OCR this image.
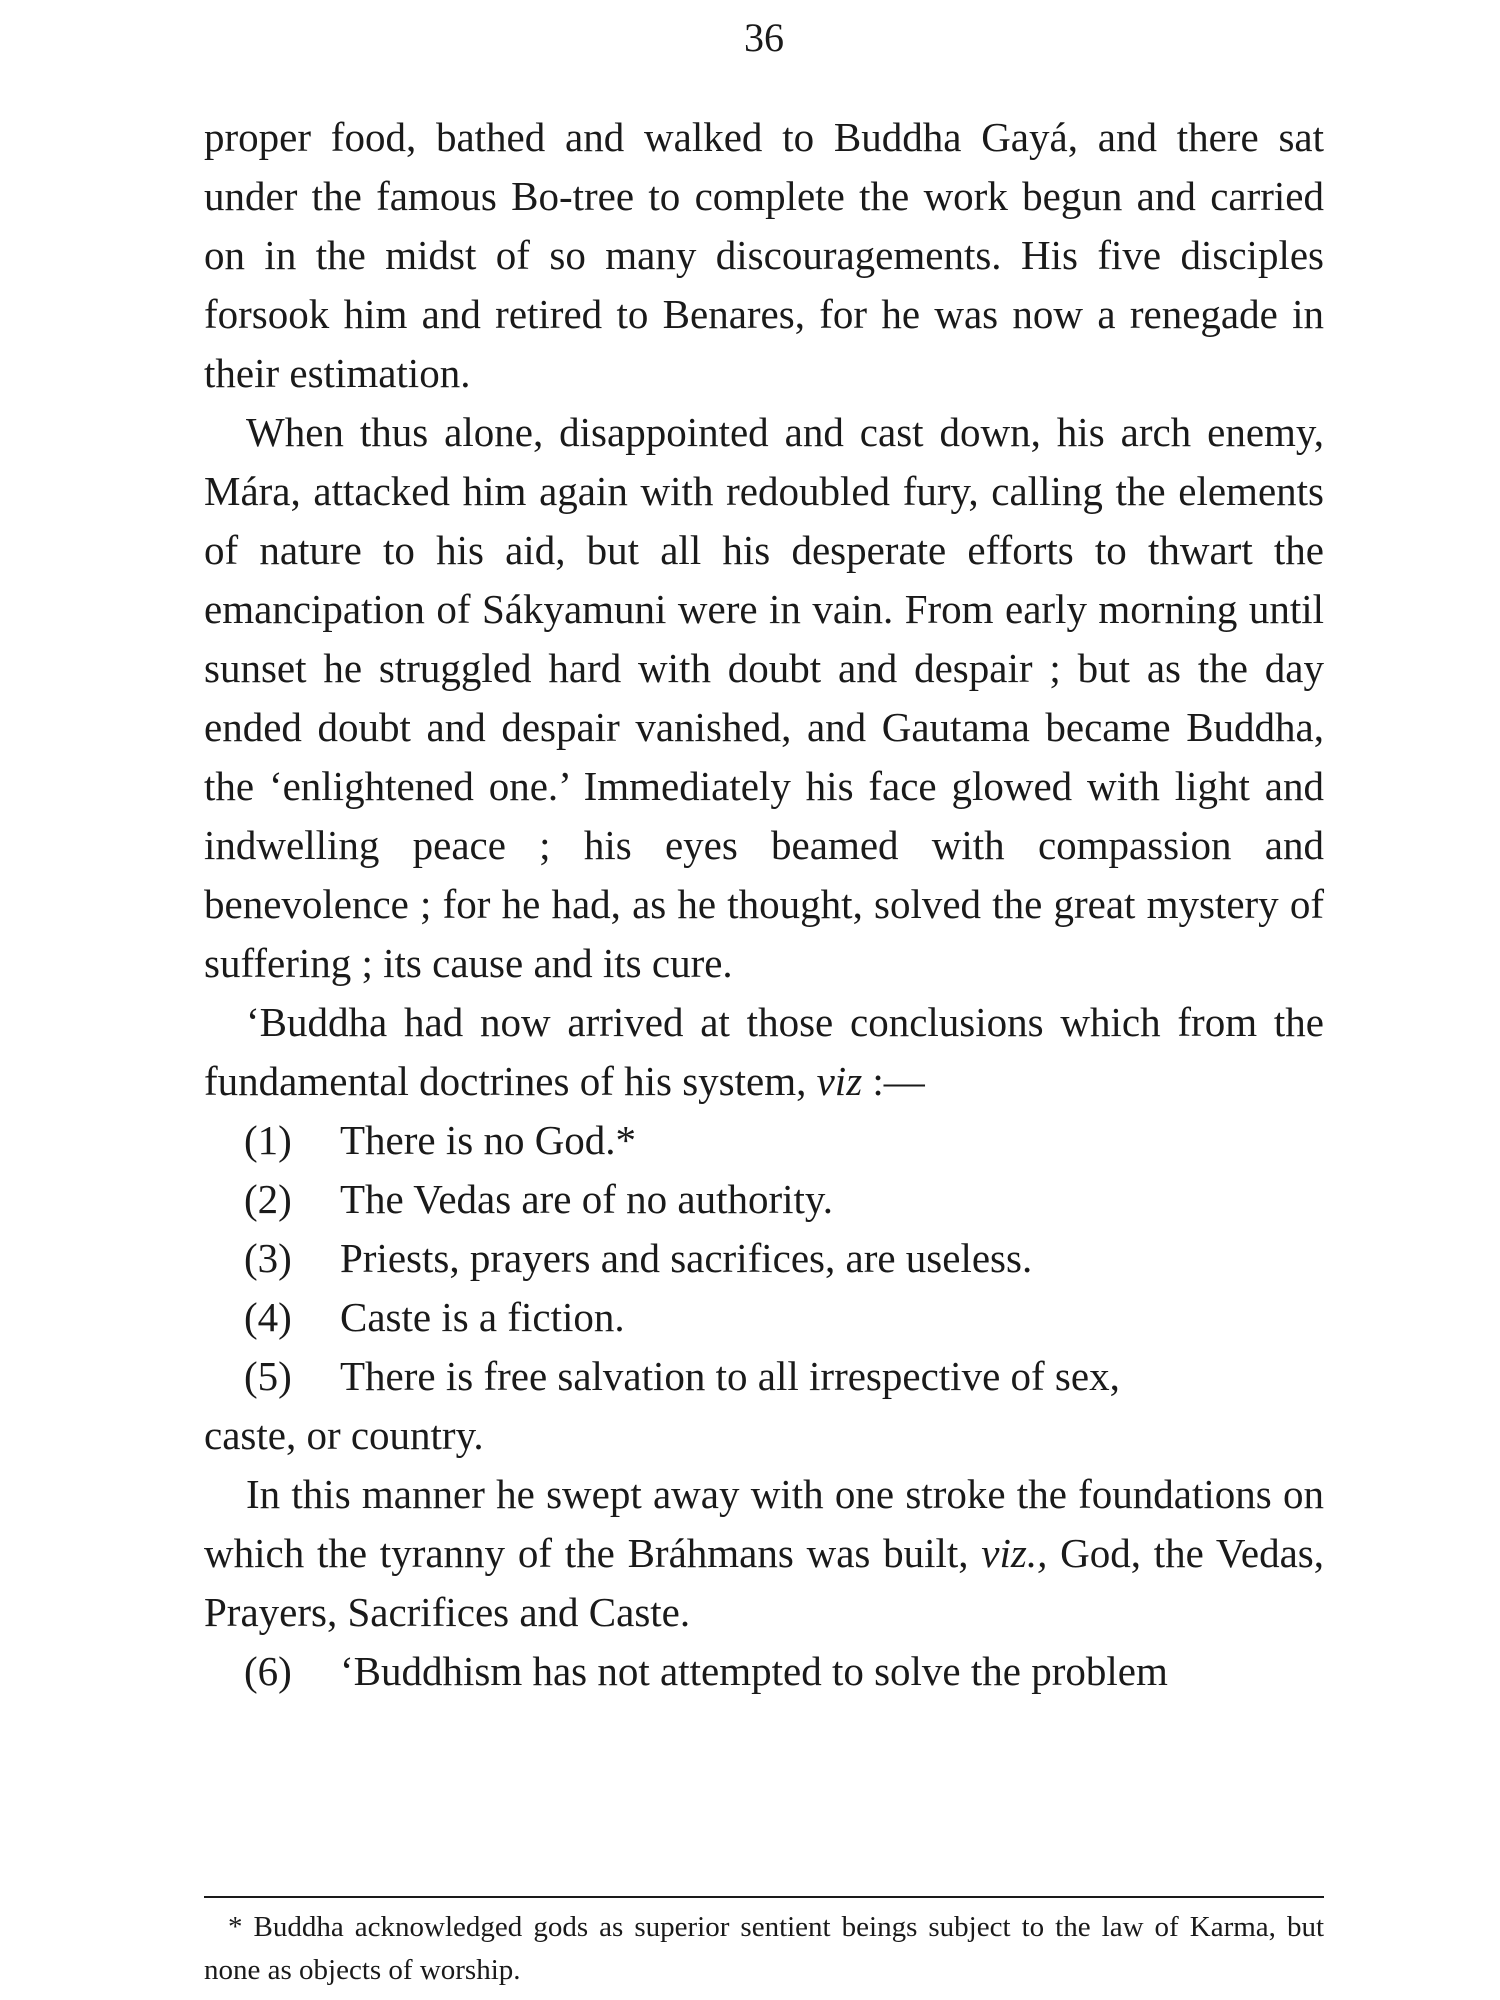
36

proper food, bathed and walked to Buddha Gayá, and there sat under the famous Bo-tree to complete the work begun and carried on in the midst of so many discouragements. His five disciples forsook him and retired to Benares, for he was now a renegade in their estimation.

When thus alone, disappointed and cast down, his arch enemy, Mára, attacked him again with redoubled fury, calling the elements of nature to his aid, but all his desperate efforts to thwart the emancipation of Sákyamuni were in vain. From early morning until sunset he struggled hard with doubt and despair ; but as the day ended doubt and despair vanished, and Gautama became Buddha, the ‘enlightened one.’ Immediately his face glowed with light and indwelling peace ; his eyes beamed with compassion and benevolence ; for he had, as he thought, solved the great mystery of suffering ; its cause and its cure.

‘Buddha had now arrived at those conclusions which from the fundamental doctrines of his system, viz :—

(1) There is no God.*
(2) The Vedas are of no authority.
(3) Priests, prayers and sacrifices, are useless.
(4) Caste is a fiction.
(5) There is free salvation to all irrespective of sex,

caste, or country.

In this manner he swept away with one stroke the foundations on which the tyranny of the Bráhmans was built, viz., God, the Vedas, Prayers, Sacrifices and Caste.

(6) ‘Buddhism has not attempted to solve the problem
* Buddha acknowledged gods as superior sentient beings subject to the law of Karma, but none as objects of worship.
